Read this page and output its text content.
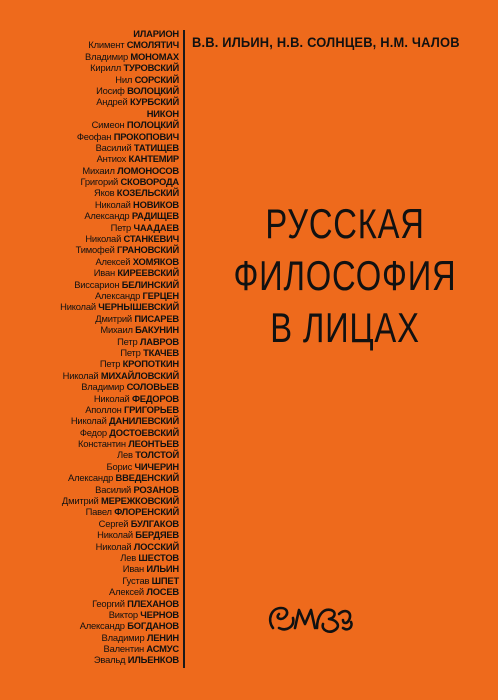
ИЛАРИОН
Климент СМОЛЯТИЧ
Владимир МОНОМАХ
Кирилл ТУРОВСКИЙ
Нил СОРСКИЙ
Иосиф ВОЛОЦКИЙ
Андрей КУРБСКИЙ
НИКОН
Симеон ПОЛОЦКИЙ
Феофан ПРОКОПОВИЧ
Василий ТАТИЩЕВ
Антиох КАНТЕМИР
Михаил ЛОМОНОСОВ
Григорий СКОВОРОДА
Яков КОЗЕЛЬСКИЙ
Николай НОВИКОВ
Александр РАДИЩЕВ
Петр ЧААДАЕВ
Николай СТАНКЕВИЧ
Тимофей ГРАНОВСКИЙ
Алексей ХОМЯКОВ
Иван КИРЕЕВСКИЙ
Виссарион БЕЛИНСКИЙ
Александр ГЕРЦЕН
Николай ЧЕРНЫШЕВСКИЙ
Дмитрий ПИСАРЕВ
Михаил БАКУНИН
Петр ЛАВРОВ
Петр ТКАЧЕВ
Петр КРОПОТКИН
Николай МИХАЙЛОВСКИЙ
Владимир СОЛОВЬЕВ
Николай ФЕДОРОВ
Аполлон ГРИГОРЬЕВ
Николай ДАНИЛЕВСКИЙ
Федор ДОСТОЕВСКИЙ
Константин ЛЕОНТЬЕВ
Лев ТОЛСТОЙ
Борис ЧИЧЕРИН
Александр ВВЕДЕНСКИЙ
Василий РОЗАНОВ
Дмитрий МЕРЕЖКОВСКИЙ
Павел ФЛОРЕНСКИЙ
Сергей БУЛГАКОВ
Николай БЕРДЯЕВ
Николай ЛОССКИЙ
Лев ШЕСТОВ
Иван ИЛЬИН
Густав ШПЕТ
Алексей ЛОСЕВ
Георгий ПЛЕХАНОВ
Виктор ЧЕРНОВ
Александр БОГДАНОВ
Владимир ЛЕНИН
Валентин АСМУС
Эвальд ИЛЬЕНКОВ
В.В. ИЛЬИН, Н.В. СОЛНЦЕВ, Н.М. ЧАЛОВ
РУССКАЯ
ФИЛОСОФИЯ
В ЛИЦАХ
